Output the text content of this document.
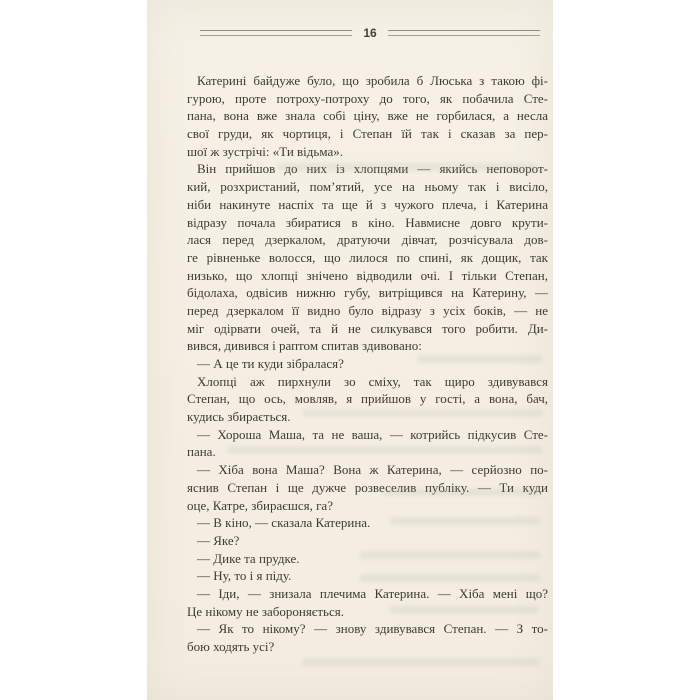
16
Катерині байдуже було, що зробила б Люська з такою фі-
гурою, проте потроху-потроху до того, як побачила Сте-
пана, вона вже знала собі ціну, вже не горбилася, а несла
свої груди, як чортиця, і Степан їй так і сказав за пер-
шої ж зустрічі: «Ти відьма».
Він прийшов до них із хлопцями — якийсь неповорот-
кий, розхристаний, пом’ятий, усе на ньому так і висіло,
ніби накинуте наспіх та ще й з чужого плеча, і Катерина
відразу почала збиратися в кіно. Навмисне довго крути-
лася перед дзеркалом, дратуючи дівчат, розчісувала дов-
ге рівненьке волосся, що лилося по спині, як дощик, так
низько, що хлопці знічено відводили очі. І тільки Степан,
бідолаха, одвісив нижню губу, витріщився на Катерину, —
перед дзеркалом її видно було відразу з усіх боків, — не
міг одірвати очей, та й не силкувався того робити. Ди-
вився, дивився і раптом спитав здивовано:
— А це ти куди зібралася?
Хлопці аж пирхнули зо сміху, так щиро здивувався
Степан, що ось, мовляв, я прийшов у гості, а вона, бач,
кудись збирається.
— Хороша Маша, та не ваша, — котрийсь підкусив Сте-
пана.
— Хіба вона Маша? Вона ж Катерина, — серйозно по-
яснив Степан і ще дужче розвеселив публіку. — Ти куди
оце, Катре, збираєшся, га?
— В кіно, — сказала Катерина.
— Яке?
— Дике та прудке.
— Ну, то і я піду.
— Іди, — знизала плечима Катерина. — Хіба мені що?
Це нікому не забороняється.
— Як то нікому? — знову здивувався Степан. — З то-
бою ходять усі?
